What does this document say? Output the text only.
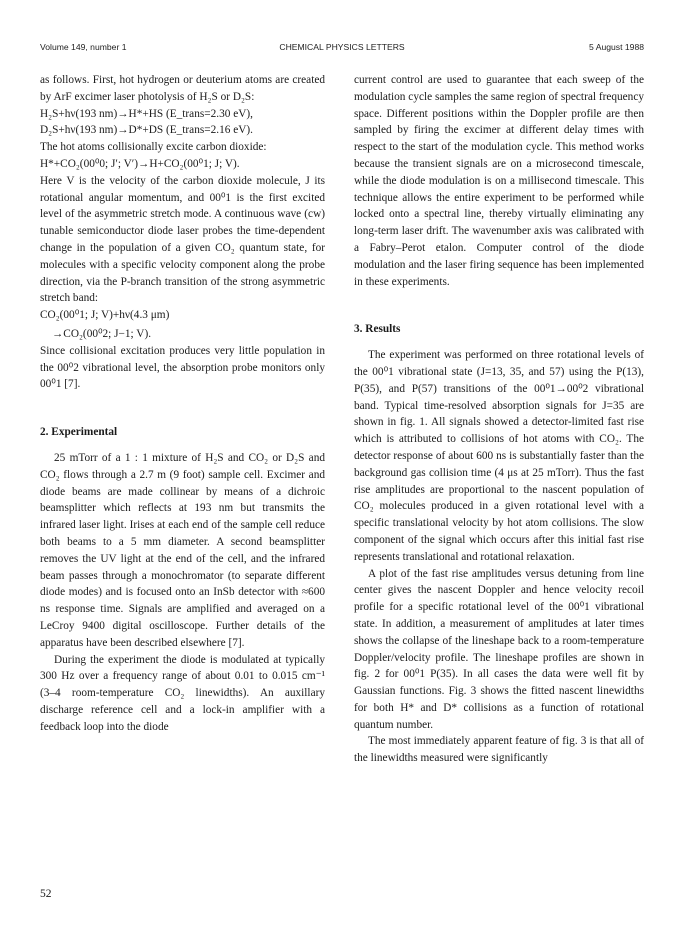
Volume 149, number 1	CHEMICAL PHYSICS LETTERS	5 August 1988

as follows. First, hot hydrogen or deuterium atoms are created by ArF excimer laser photolysis of H₂S or D₂S:

H₂S+hν(193 nm)→H*+HS (E_trans=2.30 eV),

D₂S+hν(193 nm)→D*+DS (E_trans=2.16 eV).

The hot atoms collisionally excite carbon dioxide:

H*+CO₂(00⁰0; J′; V′)→H+CO₂(00⁰1; J; V).

Here V is the velocity of the carbon dioxide molecule, J its rotational angular momentum, and 00⁰1 is the first excited level of the asymmetric stretch mode. A continuous wave (cw) tunable semiconductor diode laser probes the time-dependent change in the population of a given CO₂ quantum state, for molecules with a specific velocity component along the probe direction, via the P-branch transition of the strong asymmetric stretch band:

CO₂(00⁰1; J; V)+hν(4.3 μm)

→CO₂(00⁰2; J−1; V).

Since collisional excitation produces very little population in the 00⁰2 vibrational level, the absorption probe monitors only 00⁰1 [7].

2. Experimental

25 mTorr of a 1 : 1 mixture of H₂S and CO₂ or D₂S and CO₂ flows through a 2.7 m (9 foot) sample cell. Excimer and diode beams are made collinear by means of a dichroic beamsplitter which reflects at 193 nm but transmits the infrared laser light. Irises at each end of the sample cell reduce both beams to a 5 mm diameter. A second beamsplitter removes the UV light at the end of the cell, and the infrared beam passes through a monochromator (to separate different diode modes) and is focused onto an InSb detector with ≈600 ns response time. Signals are amplified and averaged on a LeCroy 9400 digital oscilloscope. Further details of the apparatus have been described elsewhere [7].

During the experiment the diode is modulated at typically 300 Hz over a frequency range of about 0.01 to 0.015 cm⁻¹ (3–4 room-temperature CO₂ linewidths). An auxillary discharge reference cell and a lock-in amplifier with a feedback loop into the diode

current control are used to guarantee that each sweep of the modulation cycle samples the same region of spectral frequency space. Different positions within the Doppler profile are then sampled by firing the excimer at different delay times with respect to the start of the modulation cycle. This method works because the transient signals are on a microsecond timescale, while the diode modulation is on a millisecond timescale. This technique allows the entire experiment to be performed while locked onto a spectral line, thereby virtually eliminating any long-term laser drift. The wavenumber axis was calibrated with a Fabry–Perot etalon. Computer control of the diode modulation and the laser firing sequence has been implemented in these experiments.

3. Results

The experiment was performed on three rotational levels of the 00⁰1 vibrational state (J=13, 35, and 57) using the P(13), P(35), and P(57) transitions of the 00⁰1→00⁰2 vibrational band. Typical time-resolved absorption signals for J=35 are shown in fig. 1. All signals showed a detector-limited fast rise which is attributed to collisions of hot atoms with CO₂. The detector response of about 600 ns is substantially faster than the background gas collision time (4 μs at 25 mTorr). Thus the fast rise amplitudes are proportional to the nascent population of CO₂ molecules produced in a given rotational level with a specific translational velocity by hot atom collisions. The slow component of the signal which occurs after this initial fast rise represents translational and rotational relaxation.

A plot of the fast rise amplitudes versus detuning from line center gives the nascent Doppler and hence velocity recoil profile for a specific rotational level of the 00⁰1 vibrational state. In addition, a measurement of amplitudes at later times shows the collapse of the lineshape back to a room-temperature Doppler/velocity profile. The lineshape profiles are shown in fig. 2 for 00⁰1 P(35). In all cases the data were well fit by Gaussian functions. Fig. 3 shows the fitted nascent linewidths for both H* and D* collisions as a function of rotational quantum number.

The most immediately apparent feature of fig. 3 is that all of the linewidths measured were significantly

52
